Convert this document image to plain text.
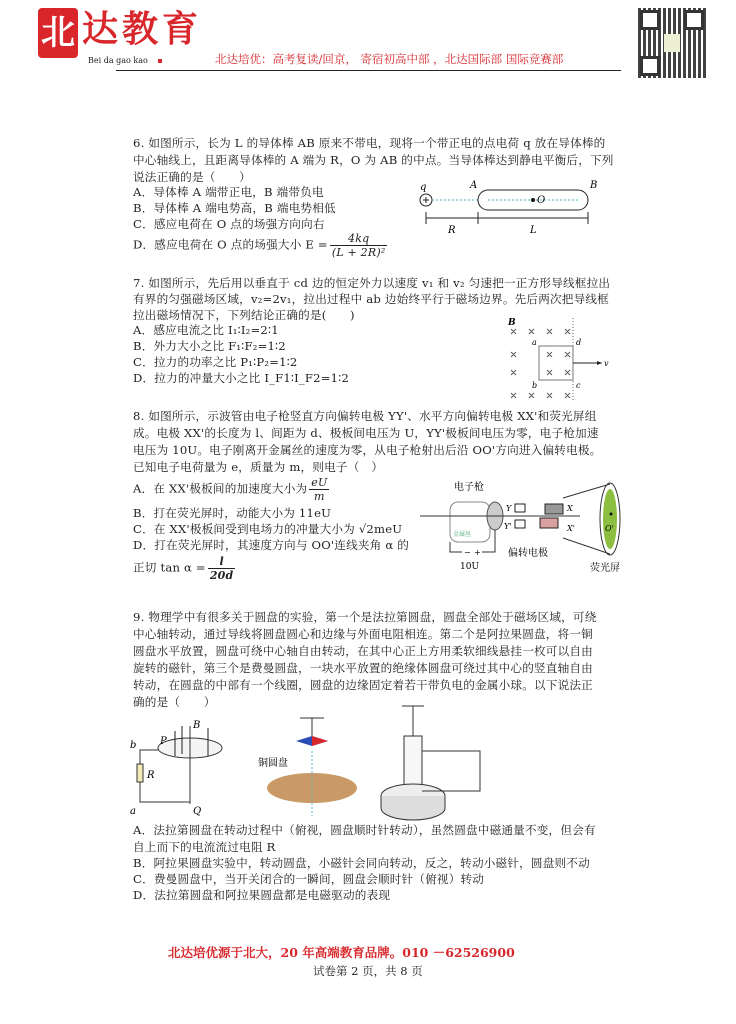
北 达教育
Bei da gao kao	北达培优：高考复读/回京， 寄宿初高中部 ，北达国际部 国际竞赛部
6. 如图所示，长为 L 的导体棒 AB 原来不带电，现将一个带正电的点电荷 q 放在导体棒的
中心轴线上，且距离导体棒的 A 端为 R，O 为 AB 的中点。当导体棒达到静电平衡后，下列
说法正确的是（　　）
A．导体棒 A 端带正电，B 端带负电
B．导体棒 A 端电势高，B 端电势相低
C．感应电荷在 O 点的场强方向向右
D．感应电荷在 O 点的场强大小 $E = \frac{4kq}{\text{(L + 2R)²}}$
q
O
A	B
R	L
7. 如图所示，先后用以垂直于 cd 边的恒定外力以速度 v₁ 和 v₂ 匀速把一正方形导线框拉出
有界的匀强磁场区域，v₂=2v₁，拉出过程中 ab 边始终平行于磁场边界。先后两次把导线框
拉出磁场情况下，下列结论正确的是(　　)
A．感应电流之比 I₁∶I₂=2∶1
B．外力大小之比 F₁∶F₂=1∶2
C．拉力的功率之比 P₁∶P₂=1∶2
D．拉力的冲量大小之比 I_F1∶I_F2=1∶2
B
v
a	d
b	c
8. 如图所示，示波管由电子枪竖直方向偏转电极 YY'、水平方向偏转电极 XX'和荧光屏组
成。电极 XX'的长度为 l、间距为 d、极板间电压为 U，YY'极板间电压为零，电子枪加速
电压为 10U。电子刚离开金属丝的速度为零，从电子枪射出后沿 OO'方向进入偏转电极。
已知电子电荷量为 e，质量为 m，则电子（　）
A．在 XX'极板间的加速度大小为 $\frac{eU}{m}$
B．打在荧光屏时，动能大小为 11eU
C．在 XX'极板间受到电场力的冲量大小为 √2meU
D．打在荧光屏时，其速度方向与 OO'连线夹角 α 的
正切 $\tan \alpha = \frac{l}{20d}$
电子枪
金属丝
Y
Y'
X
X'	O'
− +
10U
偏转电极
荧光屏
9. 物理学中有很多关于圆盘的实验，第一个是法拉第圆盘，圆盘全部处于磁场区域，可绕
中心轴转动，通过导线将圆盘圆心和边缘与外面电阻相连。第二个是阿拉果圆盘，将一铜
圆盘水平放置，圆盘可绕中心轴自由转动，在其中心正上方用柔软细线悬挂一枚可以自由
旋转的磁针，第三个是费曼圆盘，一块水平放置的绝缘体圆盘可绕过其中心的竖直轴自由
转动，在圆盘的中部有一个线圈，圆盘的边缘固定着若干带负电的金属小球。以下说法正
确的是（　　）
B
P
b
R
a	Q
铜圆盘
A．法拉第圆盘在转动过程中（俯视，圆盘顺时针转动），虽然圆盘中磁通量不变，但会有
自上而下的电流流过电阻 R
B．阿拉果圆盘实验中，转动圆盘，小磁针会同向转动，反之，转动小磁针，圆盘则不动
C．费曼圆盘中，当开关闭合的一瞬间，圆盘会顺时针（俯视）转动
D．法拉第圆盘和阿拉果圆盘都是电磁驱动的表现
北达培优源于北大，20 年高端教育品牌。010 －62526900
试卷第 2 页，共 8 页
